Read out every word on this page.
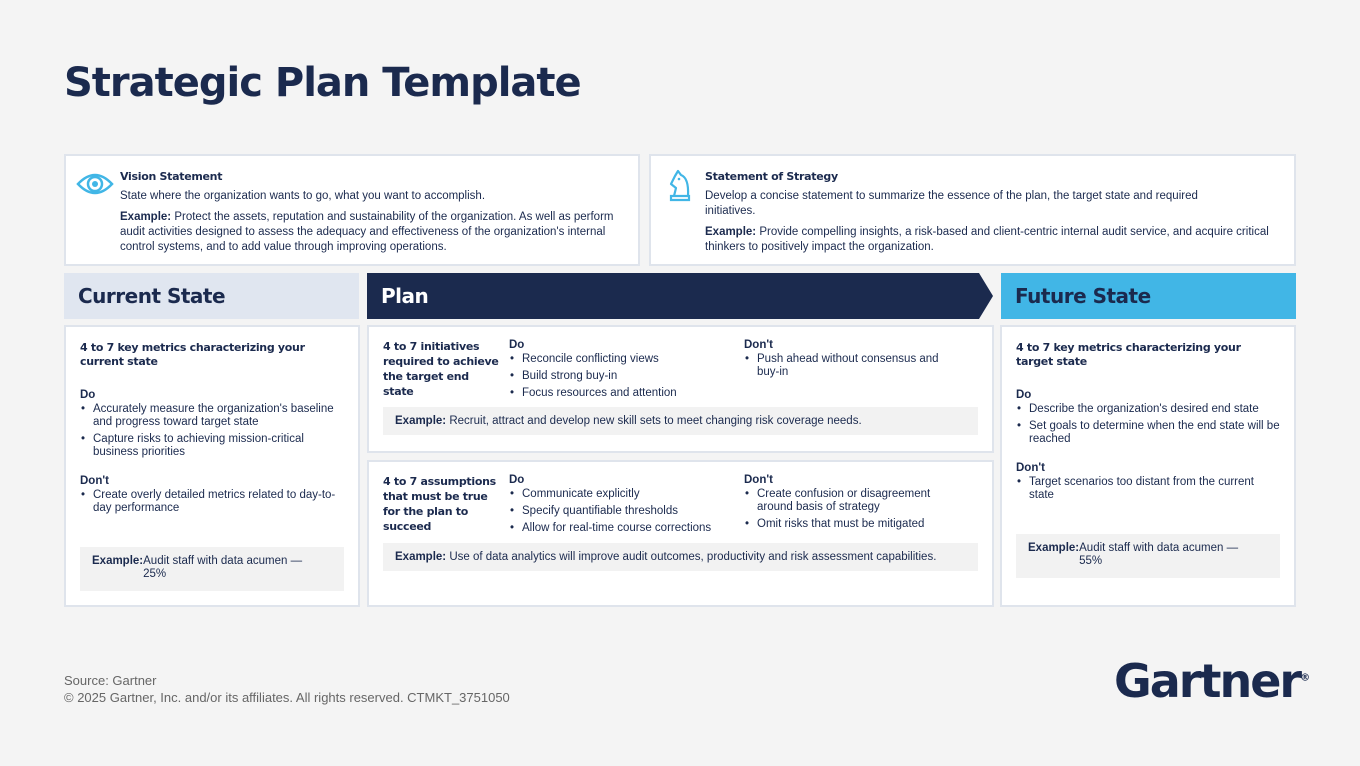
Strategic Plan Template
Vision Statement

State where the organization wants to go, what you want to accomplish.

Example: Protect the assets, reputation and sustainability of the organization. As well as perform audit activities designed to assess the adequacy and effectiveness of the organization's internal control systems, and to add value through improving operations.

Statement of Strategy

Develop a concise statement to summarize the essence of the plan, the target state and required initiatives.

Example: Provide compelling insights, a risk-based and client-centric internal audit service, and acquire critical thinkers to positively impact the organization.

Current State	Plan	Future State
4 to 7 key metrics characterizing your current state
Do
• Accurately measure the organization's baseline and progress toward target state
• Capture risks to achieving mission-critical business priorities
Don't
• Create overly detailed metrics related to day-to-day performance
Example:Audit staff with data acumen — 25%
4 to 7 initiatives required to achieve the target end state
Do
• Reconcile conflicting views
• Build strong buy-in
• Focus resources and attention
Don't
• Push ahead without consensus and buy-in
Example: Recruit, attract and develop new skill sets to meet changing risk coverage needs.
4 to 7 assumptions that must be true for the plan to succeed
Do
• Communicate explicitly
• Specify quantifiable thresholds
• Allow for real-time course corrections
Don't
• Create confusion or disagreement around basis of strategy
• Omit risks that must be mitigated
Example: Use of data analytics will improve audit outcomes, productivity and risk assessment capabilities.
4 to 7 key metrics characterizing your target state
Do
• Describe the organization's desired end state
• Set goals to determine when the end state will be reached
Don't
• Target scenarios too distant from the current state
Example:Audit staff with data acumen — 55%
Source: Gartner
© 2025 Gartner, Inc. and/or its affiliates. All rights reserved. CTMKT_3751050	Gartner®
